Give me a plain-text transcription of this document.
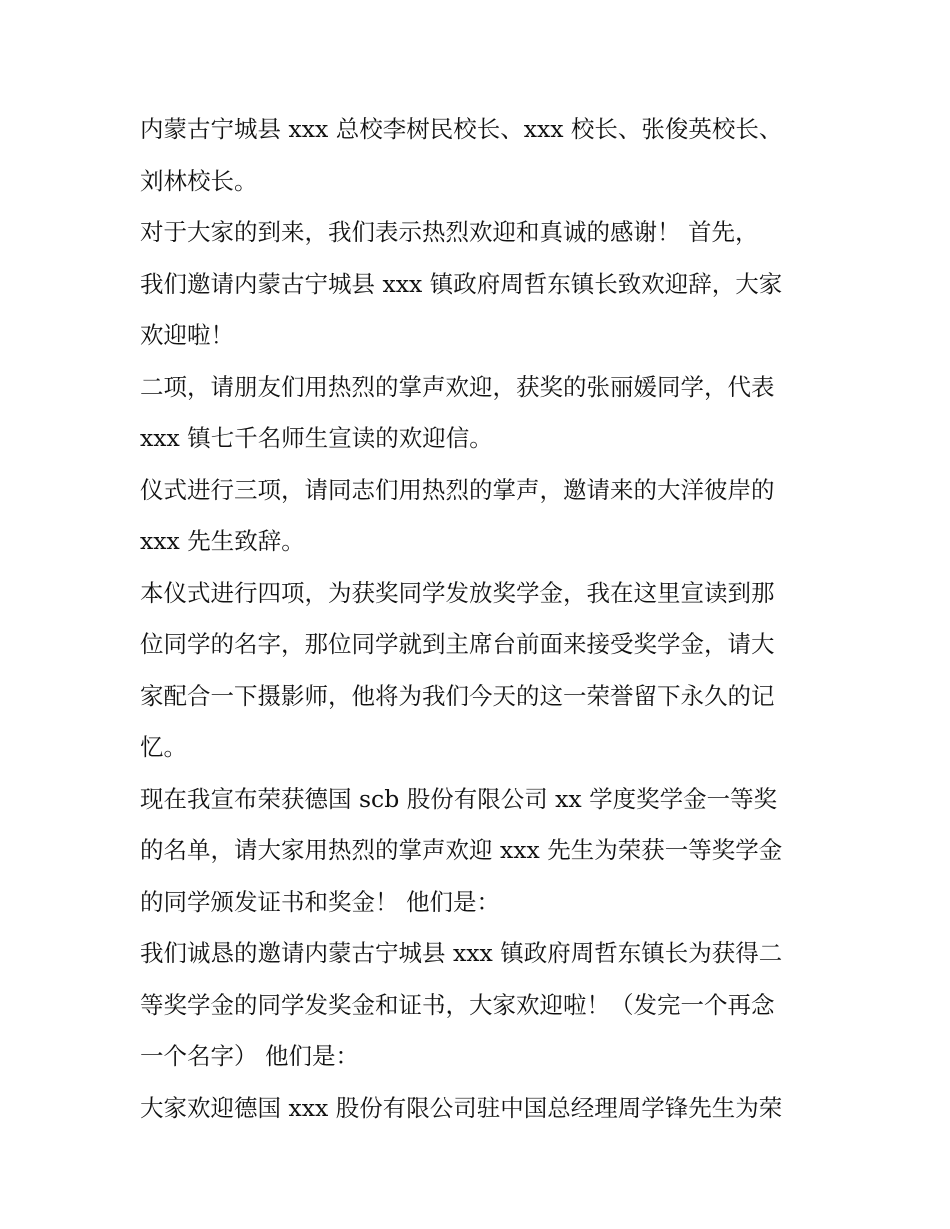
内蒙古宁城县 xxx 总校李树民校长、xxx 校长、张俊英校长、
刘林校长。
对于大家的到来，我们表示热烈欢迎和真诚的感谢！ 首先，
我们邀请内蒙古宁城县 xxx 镇政府周哲东镇长致欢迎辞，大家
欢迎啦！
二项，请朋友们用热烈的掌声欢迎，获奖的张丽媛同学，代表
xxx 镇七千名师生宣读的欢迎信。
仪式进行三项，请同志们用热烈的掌声，邀请来的大洋彼岸的
xxx 先生致辞。
本仪式进行四项，为获奖同学发放奖学金，我在这里宣读到那
位同学的名字，那位同学就到主席台前面来接受奖学金，请大
家配合一下摄影师，他将为我们今天的这一荣誉留下永久的记
忆。
现在我宣布荣获德国 scb 股份有限公司 xx 学度奖学金一等奖
的名单，请大家用热烈的掌声欢迎 xxx 先生为荣获一等奖学金
的同学颁发证书和奖金！ 他们是：
我们诚恳的邀请内蒙古宁城县 xxx 镇政府周哲东镇长为获得二
等奖学金的同学发奖金和证书，大家欢迎啦！（发完一个再念
一个名字） 他们是：
大家欢迎德国 xxx 股份有限公司驻中国总经理周学锋先生为荣
